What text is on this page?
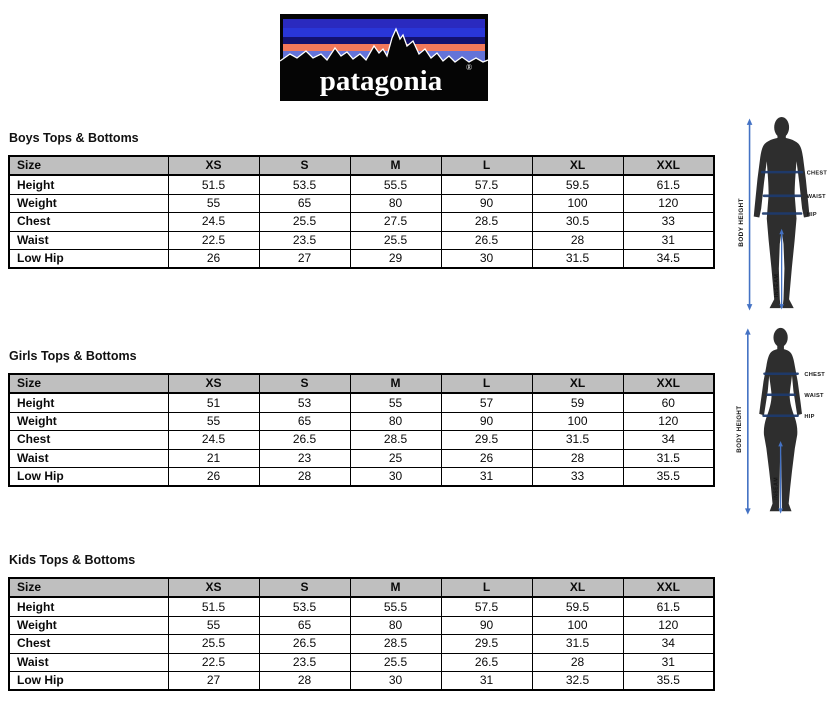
patagonia	®
Boys Tops & Bottoms
Size	XS	S	M	L	XL	XXL
Height	51.5	53.5	55.5	57.5	59.5	61.5
Weight	55	65	80	90	100	120
Chest	24.5	25.5	27.5	28.5	30.5	33
Waist	22.5	23.5	25.5	26.5	28	31
Low Hip	26	27	29	30	31.5	34.5
BODY HEIGHT
CHEST
WAIST
HIP
INSEAM
Girls Tops & Bottoms
Size	XS	S	M	L	XL	XXL
Height	51	53	55	57	59	60
Weight	55	65	80	90	100	120
Chest	24.5	26.5	28.5	29.5	31.5	34
Waist	21	23	25	26	28	31.5
Low Hip	26	28	30	31	33	35.5
BODY HEIGHT
CHEST
WAIST
HIP
INSEAM
Kids Tops & Bottoms
Size	XS	S	M	L	XL	XXL
Height	51.5	53.5	55.5	57.5	59.5	61.5
Weight	55	65	80	90	100	120
Chest	25.5	26.5	28.5	29.5	31.5	34
Waist	22.5	23.5	25.5	26.5	28	31
Low Hip	27	28	30	31	32.5	35.5
